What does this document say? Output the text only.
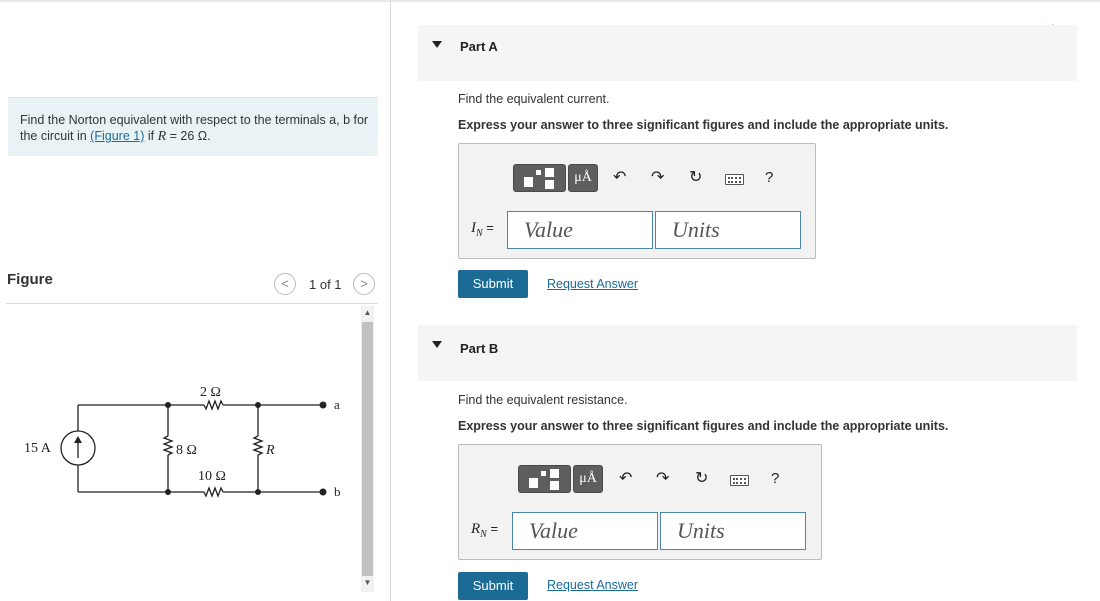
Find the Norton equivalent with respect to the terminals a, b for the circuit in (Figure 1) if R = 26 Ω.
Figure	<	1 of 1	>
15 A
2 Ω
8 Ω
10 Ω
R
a
b
▲
▼
Part A
Find the equivalent current.
Express your answer to three significant figures and include the appropriate units.
μÅ	↶ ↷ ↻	?
$I_N$ =	Value	Units
Submit	Request Answer
Part B
Find the equivalent resistance.
Express your answer to three significant figures and include the appropriate units.
μÅ	↶ ↷ ↻	?
$R_N$ =	Value	Units
Submit	Request Answer
